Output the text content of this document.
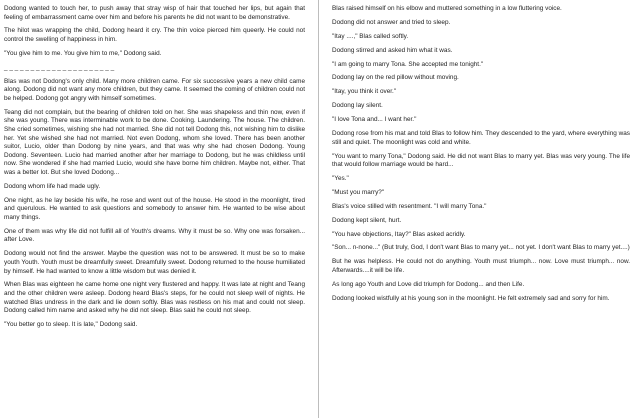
Dodong wanted to touch her, to push away that stray wisp of hair that touched her lips, but again that feeling of embarrassment came over him and before his parents he did not want to be demonstrative.

The hilot was wrapping the child, Dodong heard it cry. The thin voice pierced him queerly. He could not control the swelling of happiness in him.

"You give him to me. You give him to me," Dodong said.

_ _ _ _ _ _ _ _ _ _ _ _ _ _ _ _ _ _ _ _ _

Blas was not Dodong's only child. Many more children came. For six successive years a new child came along. Dodong did not want any more children, but they came. It seemed the coming of children could not be helped. Dodong got angry with himself sometimes.

Teang did not complain, but the bearing of children told on her. She was shapeless and thin now, even if she was young. There was interminable work to be done. Cooking. Laundering. The house. The children. She cried sometimes, wishing she had not married. She did not tell Dodong this, not wishing him to dislike her. Yet she wished she had not married. Not even Dodong, whom she loved. There has been another suitor, Lucio, older than Dodong by nine years, and that was why she had chosen Dodong. Young Dodong. Seventeen. Lucio had married another after her marriage to Dodong, but he was childless until now. She wondered if she had married Lucio, would she have borne him children. Maybe not, either. That was a better lot. But she loved Dodong...

Dodong whom life had made ugly.

One night, as he lay beside his wife, he rose and went out of the house. He stood in the moonlight, tired and querulous. He wanted to ask questions and somebody to answer him. He wanted to be wise about many things.

One of them was why life did not fulfill all of Youth's dreams. Why it must be so. Why one was forsaken... after Love.

Dodong would not find the answer. Maybe the question was not to be answered. It must be so to make youth Youth. Youth must be dreamfully sweet. Dreamfully sweet. Dodong returned to the house humiliated by himself. He had wanted to know a little wisdom but was denied it.

When Blas was eighteen he came home one night very flustered and happy. It was late at night and Teang and the other children were asleep. Dodong heard Blas's steps, for he could not sleep well of nights. He watched Blas undress in the dark and lie down softly. Blas was restless on his mat and could not sleep. Dodong called him name and asked why he did not sleep. Blas said he could not sleep.

"You better go to sleep. It is late," Dodong said.

Blas raised himself on his elbow and muttered something in a low fluttering voice.

Dodong did not answer and tried to sleep.

"Itay ....," Blas called softly.

Dodong stirred and asked him what it was.

"I am going to marry Tona. She accepted me tonight."

Dodong lay on the red pillow without moving.

"Itay, you think it over."

Dodong lay silent.

"I love Tona and... I want her."

Dodong rose from his mat and told Blas to follow him. They descended to the yard, where everything was still and quiet. The moonlight was cold and white.

"You want to marry Tona," Dodong said. He did not want Blas to marry yet. Blas was very young. The life that would follow marriage would be hard...

"Yes."

"Must you marry?"

Blas's voice stilled with resentment. "I will marry Tona."

Dodong kept silent, hurt.

"You have objections, Itay?" Blas asked acridly.

"Son... n-none..." (But truly, God, I don't want Blas to marry yet... not yet. I don't want Blas to marry yet....)

But he was helpless. He could not do anything. Youth must triumph... now. Love must triumph... now. Afterwards....it will be life.

As long ago Youth and Love did triumph for Dodong... and then Life.

Dodong looked wistfully at his young son in the moonlight. He felt extremely sad and sorry for him.
